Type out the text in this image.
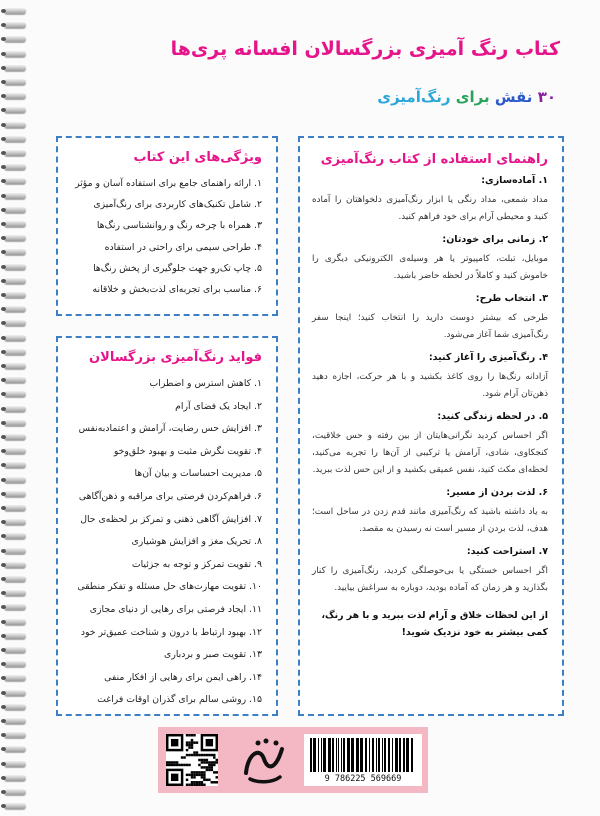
کتاب رنگ آمیزی بزرگسالان افسانه پری‌ها
۳۰ نقش برای رنگ‌آمیزی
ویژگی‌های این کتاب
۱. ارائه راهنمای جامع برای استفاده آسان و مؤثر
۲. شامل تکنیک‌های کاربردی برای رنگ‌آمیزی
۳. همراه با چرخه رنگ و روانشناسی رنگ‌ها
۴. طراحی سیمی برای راحتی در استفاده
۵. چاپ تک‌رو جهت جلوگیری از پخش رنگ‌ها
۶. مناسب برای تجربه‌ای لذت‌بخش و خلاقانه
فواید رنگ‌آمیزی بزرگسالان
۱. کاهش استرس و اضطراب
۲. ایجاد یک فضای آرام
۳. افزایش حس رضایت، آرامش و اعتماد‌به‌نفس
۴. تقویت نگرش مثبت و بهبود خلق‌وخو
۵. مدیریت احساسات و بیان آن‌ها
۶. فراهم‌کردن فرصتی برای مراقبه و ذهن‌آگاهی
۷. افزایش آگاهی ذهنی و تمرکز بر لحظه‌ی حال
۸. تحریک مغز و افزایش هوشیاری
۹. تقویت تمرکز و توجه به جزئیات
۱۰. تقویت مهارت‌های حل مسئله و تفکر منطقی
۱۱. ایجاد فرصتی برای رهایی از دنیای مجازی
۱۲. بهبود ارتباط با درون و شناخت عمیق‌تر خود
۱۳. تقویت صبر و بردباری
۱۴. راهی ایمن برای رهایی از افکار منفی
۱۵. روشی سالم برای گذران اوقات فراغت
راهنمای استفاده از کتاب رنگ‌آمیزی
۱. آماده‌سازی:
مداد شمعی، مداد رنگی یا ابزار رنگ‌آمیزی دلخواهتان را آماده کنید و محیطی آرام برای خود فراهم کنید.
۲. زمانی برای خودتان:
موبایل، تبلت، کامپیوتر یا هر وسیله‌ی الکترونیکی دیگری را خاموش کنید و کاملاً در لحظه حاضر باشید.
۳. انتخاب طرح:
طرحی که بیشتر دوست دارید را انتخاب کنید؛ اینجا سفر رنگ‌آمیزی شما آغاز می‌شود.
۴. رنگ‌آمیزی را آغاز کنید:
آزادانه رنگ‌ها را روی کاغذ بکشید و با هر حرکت، اجازه دهید ذهن‌تان آرام شود.
۵. در لحظه زندگی کنید:
اگر احساس کردید نگرانی‌هایتان از بین رفته و حس خلاقیت، کنجکاوی، شادی، آرامش یا ترکیبی از آن‌ها را تجربه می‌کنید، لحظه‌ای مکث کنید، نفس عمیقی بکشید و از این حس لذت ببرید.
۶. لذت بردن از مسیر:
به یاد داشته باشید که رنگ‌آمیزی مانند قدم زدن در ساحل است؛ هدف، لذت بردن از مسیر است نه رسیدن به مقصد.
۷. استراحت کنید:
اگر احساس خستگی یا بی‌حوصلگی کردید، رنگ‌آمیزی را کنار بگذارید و هر زمان که آماده بودید، دوباره به سراغش بیایید.
از این لحظات خلاق و آرام لذت ببرید و با هر رنگ، کمی بیشتر به خود نزدیک شوید!
9 786225 569669
